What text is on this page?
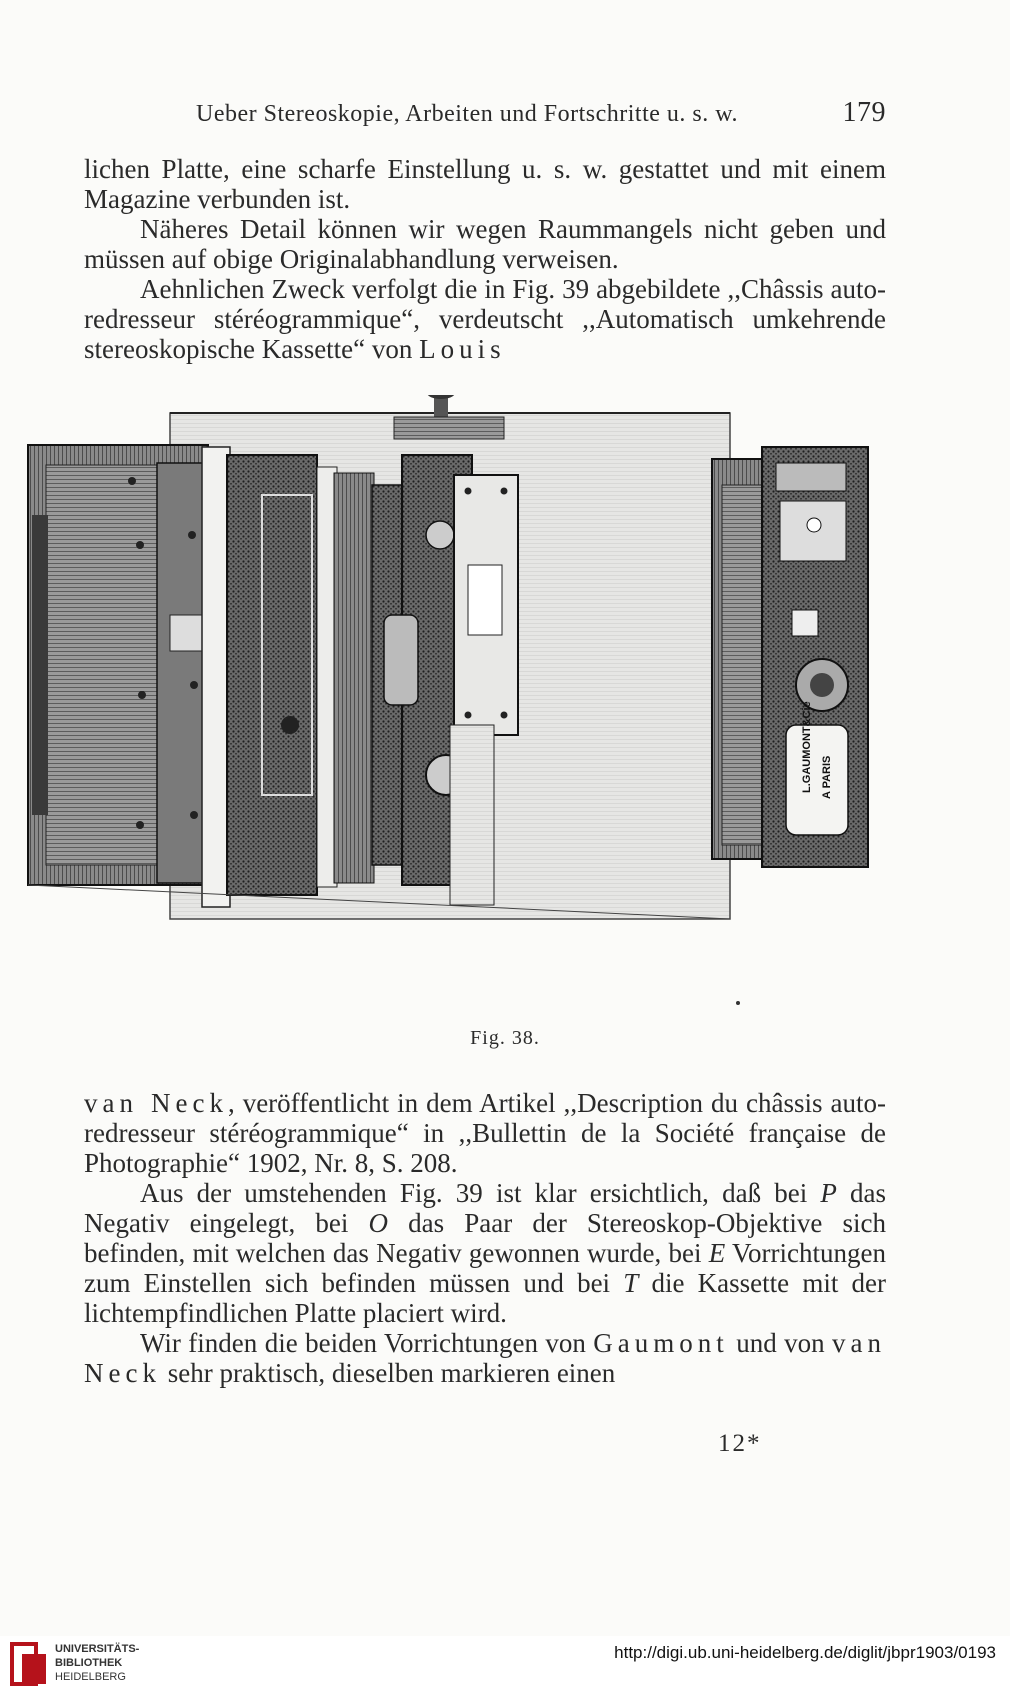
Ueber Stereoskopie, Arbeiten und Fortschritte u. s. w.	179

lichen Platte, eine scharfe Einstellung u. s. w. gestattet und mit einem Magazine verbunden ist.

Näheres Detail können wir wegen Raummangels nicht geben und müssen auf obige Originalabhandlung verweisen.

Aehnlichen Zweck verfolgt die in Fig. 39 abgebildete ,,Châssis auto-redresseur stéréogrammique“, verdeutscht ,,Automatisch umkehrende stereoskopische Kassette“ von Louis

L.GAUMONT&Cie A PARIS
Fig. 38.

van Neck, veröffentlicht in dem Artikel ,,Description du châssis auto-redresseur stéréogrammique“ in ,,Bullettin de la Société française de Photographie“ 1902, Nr. 8, S. 208.

Aus der umstehenden Fig. 39 ist klar ersichtlich, daß bei P das Negativ eingelegt, bei O das Paar der Stereoskop-Objektive sich befinden, mit welchen das Negativ gewonnen wurde, bei E Vorrichtungen zum Einstellen sich befinden müssen und bei T die Kassette mit der lichtempfindlichen Platte placiert wird.

Wir finden die beiden Vorrichtungen von Gaumont und von van Neck sehr praktisch, dieselben markieren einen

12*
UNIVERSITÄTS-
BIBLIOTHEK
HEIDELBERG
http://digi.ub.uni-heidelberg.de/diglit/jbpr1903/0193
